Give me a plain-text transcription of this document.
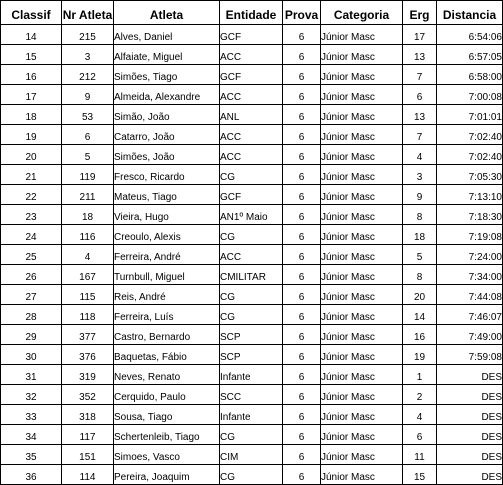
Classif	Nr Atleta	Atleta	Entidade	Prova	Categoria	Erg	Distancia
14	215	Alves, Daniel	GCF	6	Júnior Masc	17	6:54:06
15	3	Alfaiate, Miguel	ACC	6	Júnior Masc	13	6:57:05
16	212	Simões, Tiago	GCF	6	Júnior Masc	7	6:58:00
17	9	Almeida, Alexandre	ACC	6	Júnior Masc	6	7:00:08
18	53	Simão, João	ANL	6	Júnior Masc	13	7:01:01
19	6	Catarro, João	ACC	6	Júnior Masc	7	7:02:40
20	5	Simões, João	ACC	6	Júnior Masc	4	7:02:40
21	119	Fresco, Ricardo	CG	6	Júnior Masc	3	7:05:30
22	211	Mateus, Tiago	GCF	6	Júnior Masc	9	7:13:10
23	18	Vieira, Hugo	AN1º Maio	6	Júnior Masc	8	7:18:30
24	116	Creoulo, Alexis	CG	6	Júnior Masc	18	7:19:08
25	4	Ferreira, André	ACC	6	Júnior Masc	5	7:24:00
26	167	Turnbull, Miguel	CMILITAR	6	Júnior Masc	8	7:34:00
27	115	Reis, André	CG	6	Júnior Masc	20	7:44:08
28	118	Ferreira, Luís	CG	6	Júnior Masc	14	7:46:07
29	377	Castro, Bernardo	SCP	6	Júnior Masc	16	7:49:00
30	376	Baquetas, Fábio	SCP	6	Júnior Masc	19	7:59:08
31	319	Neves, Renato	Infante	6	Júnior Masc	1	DES
32	352	Cerquido, Paulo	SCC	6	Júnior Masc	2	DES
33	318	Sousa, Tiago	Infante	6	Júnior Masc	4	DES
34	117	Schertenleib, Tiago	CG	6	Júnior Masc	6	DES
35	151	Simoes, Vasco	CIM	6	Júnior Masc	11	DES
36	114	Pereira, Joaquim	CG	6	Júnior Masc	15	DES
